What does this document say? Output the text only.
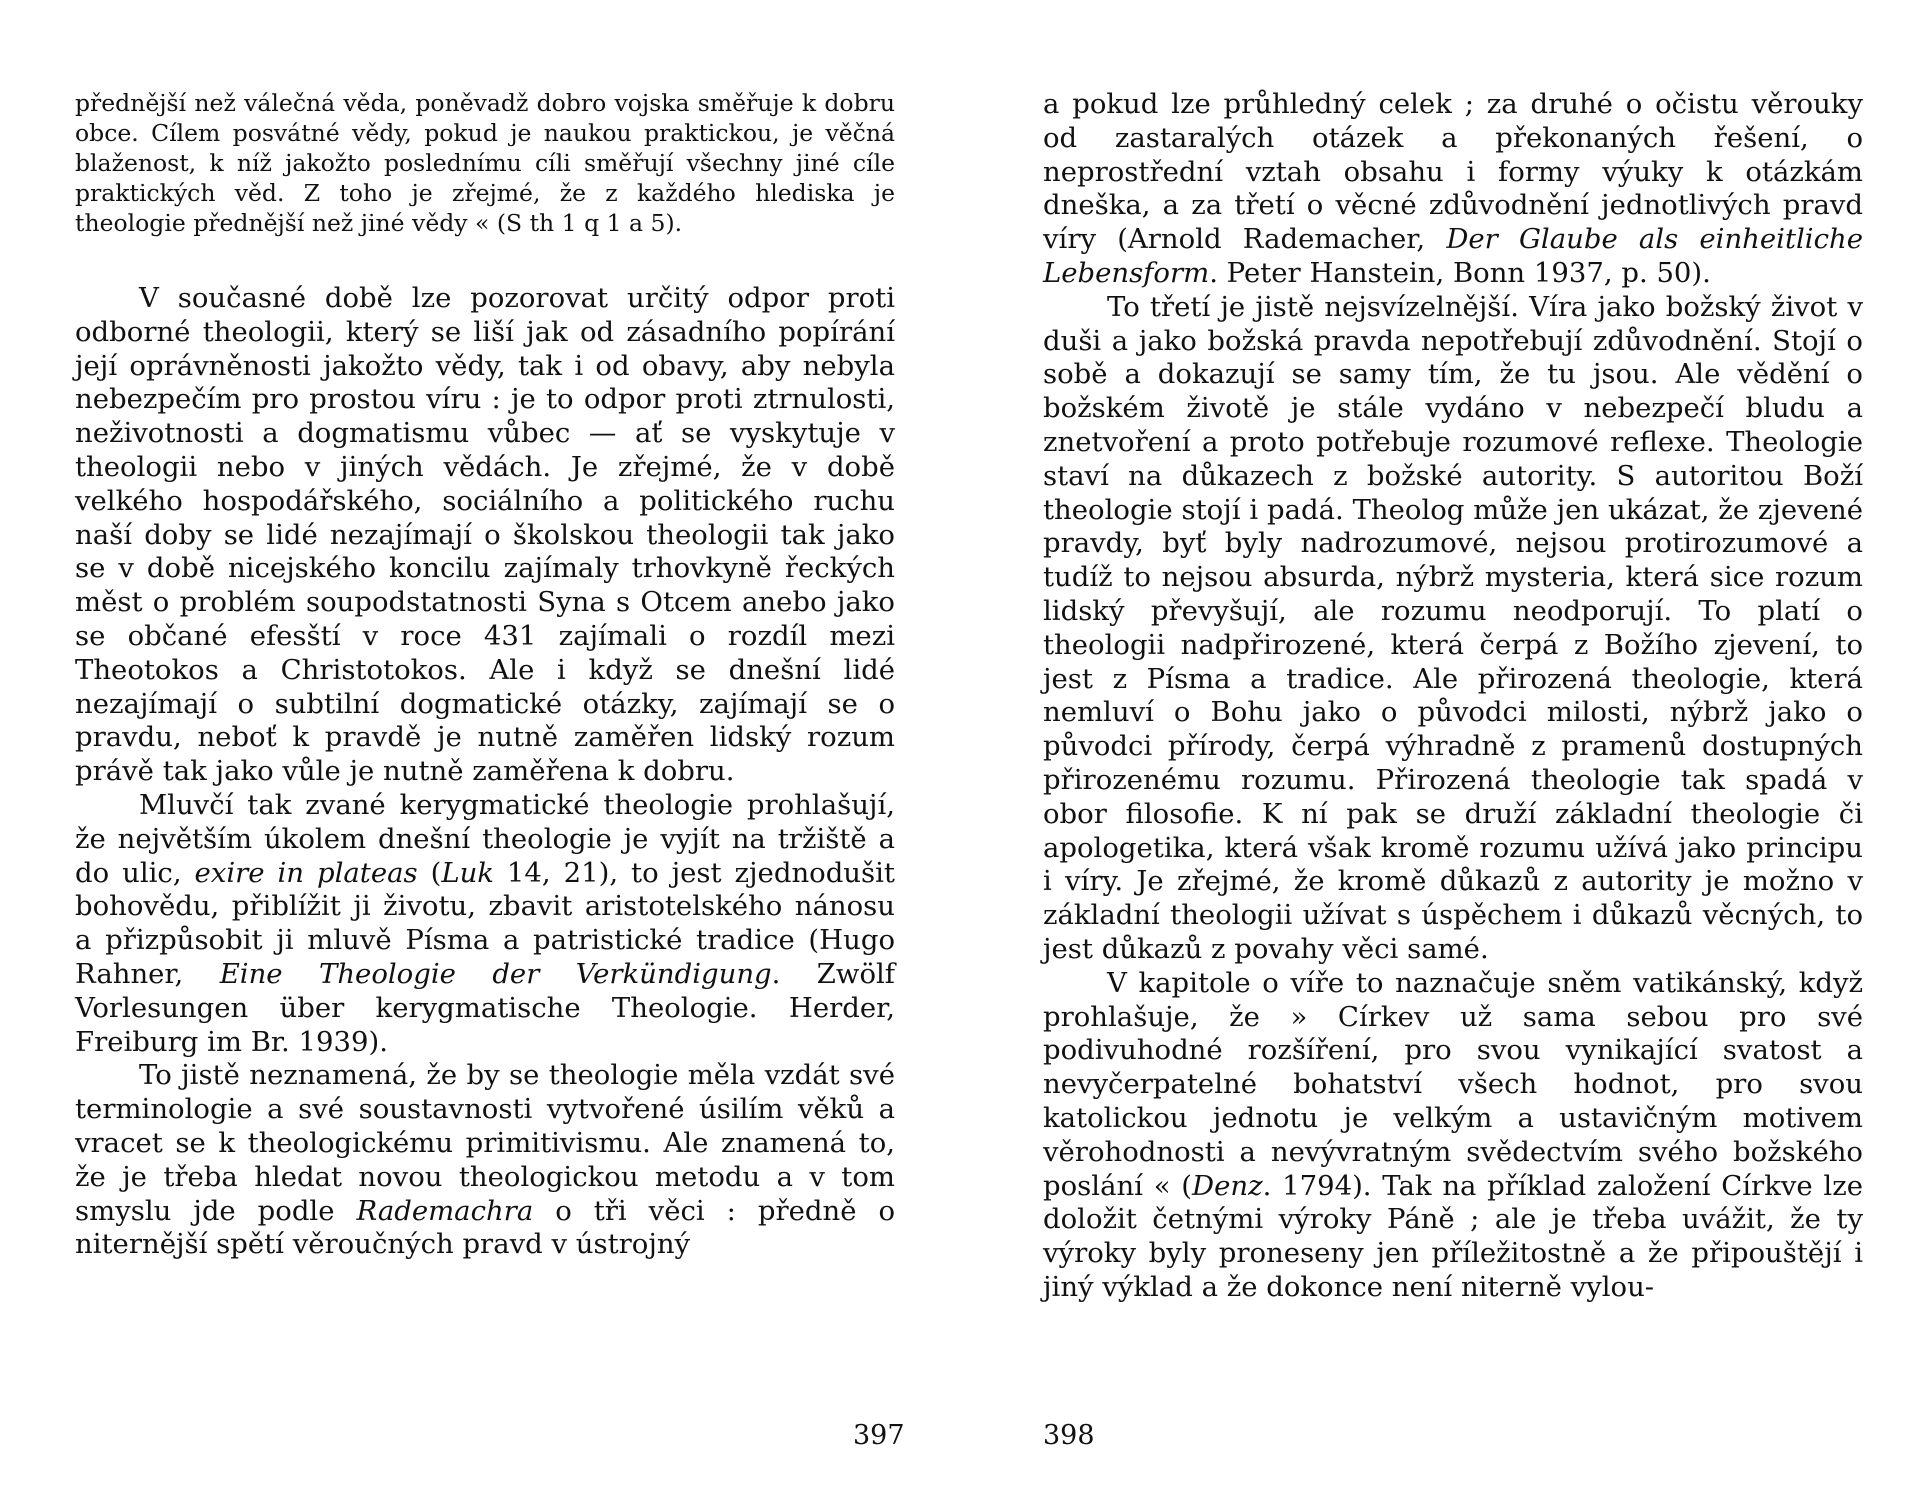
přednější než válečná věda, poněvadž dobro vojska směřuje k dobru obce. Cílem posvátné vědy, pokud je naukou praktickou, je věčná blaženost, k níž jakožto poslednímu cíli směřují všechny jiné cíle praktických věd. Z toho je zřejmé, že z každého hlediska je theologie přednější než jiné vědy « (S th 1 q 1 a 5).

V současné době lze pozorovat určitý odpor proti odborné theologii, který se liší jak od zásadního popírání její oprávněnosti jakožto vědy, tak i od obavy, aby nebyla nebezpečím pro prostou víru : je to odpor proti ztrnulosti, neživotnosti a dogmatismu vůbec — ať se vyskytuje v theologii nebo v jiných vědách. Je zřejmé, že v době velkého hospodářského, sociálního a politického ruchu naší doby se lidé nezajímají o školskou theologii tak jako se v době nicejského koncilu zajímaly trhovkyně řeckých měst o problém soupodstatnosti Syna s Otcem anebo jako se občané efesští v roce 431 zajímali o rozdíl mezi Theotokos a Christotokos. Ale i když se dnešní lidé nezajímají o subtilní dogmatické otázky, zajímají se o pravdu, neboť k pravdě je nutně zaměřen lidský rozum právě tak jako vůle je nutně zaměřena k dobru.

Mluvčí tak zvané kerygmatické theologie prohlašují, že největším úkolem dnešní theologie je vyjít na tržiště a do ulic, exire in plateas (Luk 14, 21), to jest zjednodušit bohovědu, přiblížit ji životu, zbavit aristotelského nánosu a přizpůsobit ji mluvě Písma a patristické tradice (Hugo Rahner, Eine Theologie der Verkündigung. Zwölf Vorlesungen über kerygmatische Theologie. Herder, Freiburg im Br. 1939).

To jistě neznamená, že by se theologie měla vzdát své terminologie a své soustavnosti vytvořené úsilím věků a vracet se k theologickému primitivismu. Ale znamená to, že je třeba hledat novou theologickou metodu a v tom smyslu jde podle Rademachra o tři věci : předně o niternější spětí věroučných pravd v ústrojný

397

a pokud lze průhledný celek ; za druhé o očistu věrouky od zastaralých otázek a překonaných řešení, o neprostřední vztah obsahu i formy výuky k otázkám dneška, a za třetí o věcné zdůvodnění jednotlivých pravd víry (Arnold Rademacher, Der Glaube als einheitliche Lebensform. Peter Hanstein, Bonn 1937, p. 50).

To třetí je jistě nejsvízelnější. Víra jako božský život v duši a jako božská pravda nepotřebují zdůvodnění. Stojí o sobě a dokazují se samy tím, že tu jsou. Ale vědění o božském životě je stále vydáno v nebezpečí bludu a znetvoření a proto potřebuje rozumové reflexe. Theologie staví na důkazech z božské autority. S autoritou Boží theologie stojí i padá. Theolog může jen ukázat, že zjevené pravdy, byť byly nadrozumové, nejsou protirozumové a tudíž to nejsou absurda, nýbrž mysteria, která sice rozum lidský převyšují, ale rozumu neodporují. To platí o theologii nadpřirozené, která čerpá z Božího zjevení, to jest z Písma a tradice. Ale přirozená theologie, která nemluví o Bohu jako o původci milosti, nýbrž jako o původci přírody, čerpá výhradně z pramenů dostupných přirozenému rozumu. Přirozená theologie tak spadá v obor filosofie. K ní pak se druží základní theologie či apologetika, která však kromě rozumu užívá jako principu i víry. Je zřejmé, že kromě důkazů z autority je možno v základní theologii užívat s úspěchem i důkazů věcných, to jest důkazů z povahy věci samé.

V kapitole o víře to naznačuje sněm vatikánský, když prohlašuje, že » Církev už sama sebou pro své podivuhodné rozšíření, pro svou vynikající svatost a nevyčerpatelné bohatství všech hodnot, pro svou katolickou jednotu je velkým a ustavičným motivem věrohodnosti a nevývratným svědectvím svého božského poslání « (Denz. 1794). Tak na příklad založení Církve lze doložit četnými výroky Páně ; ale je třeba uvážit, že ty výroky byly proneseny jen příležitostně a že připouštějí i jiný výklad a že dokonce není niterně vylou-

398
